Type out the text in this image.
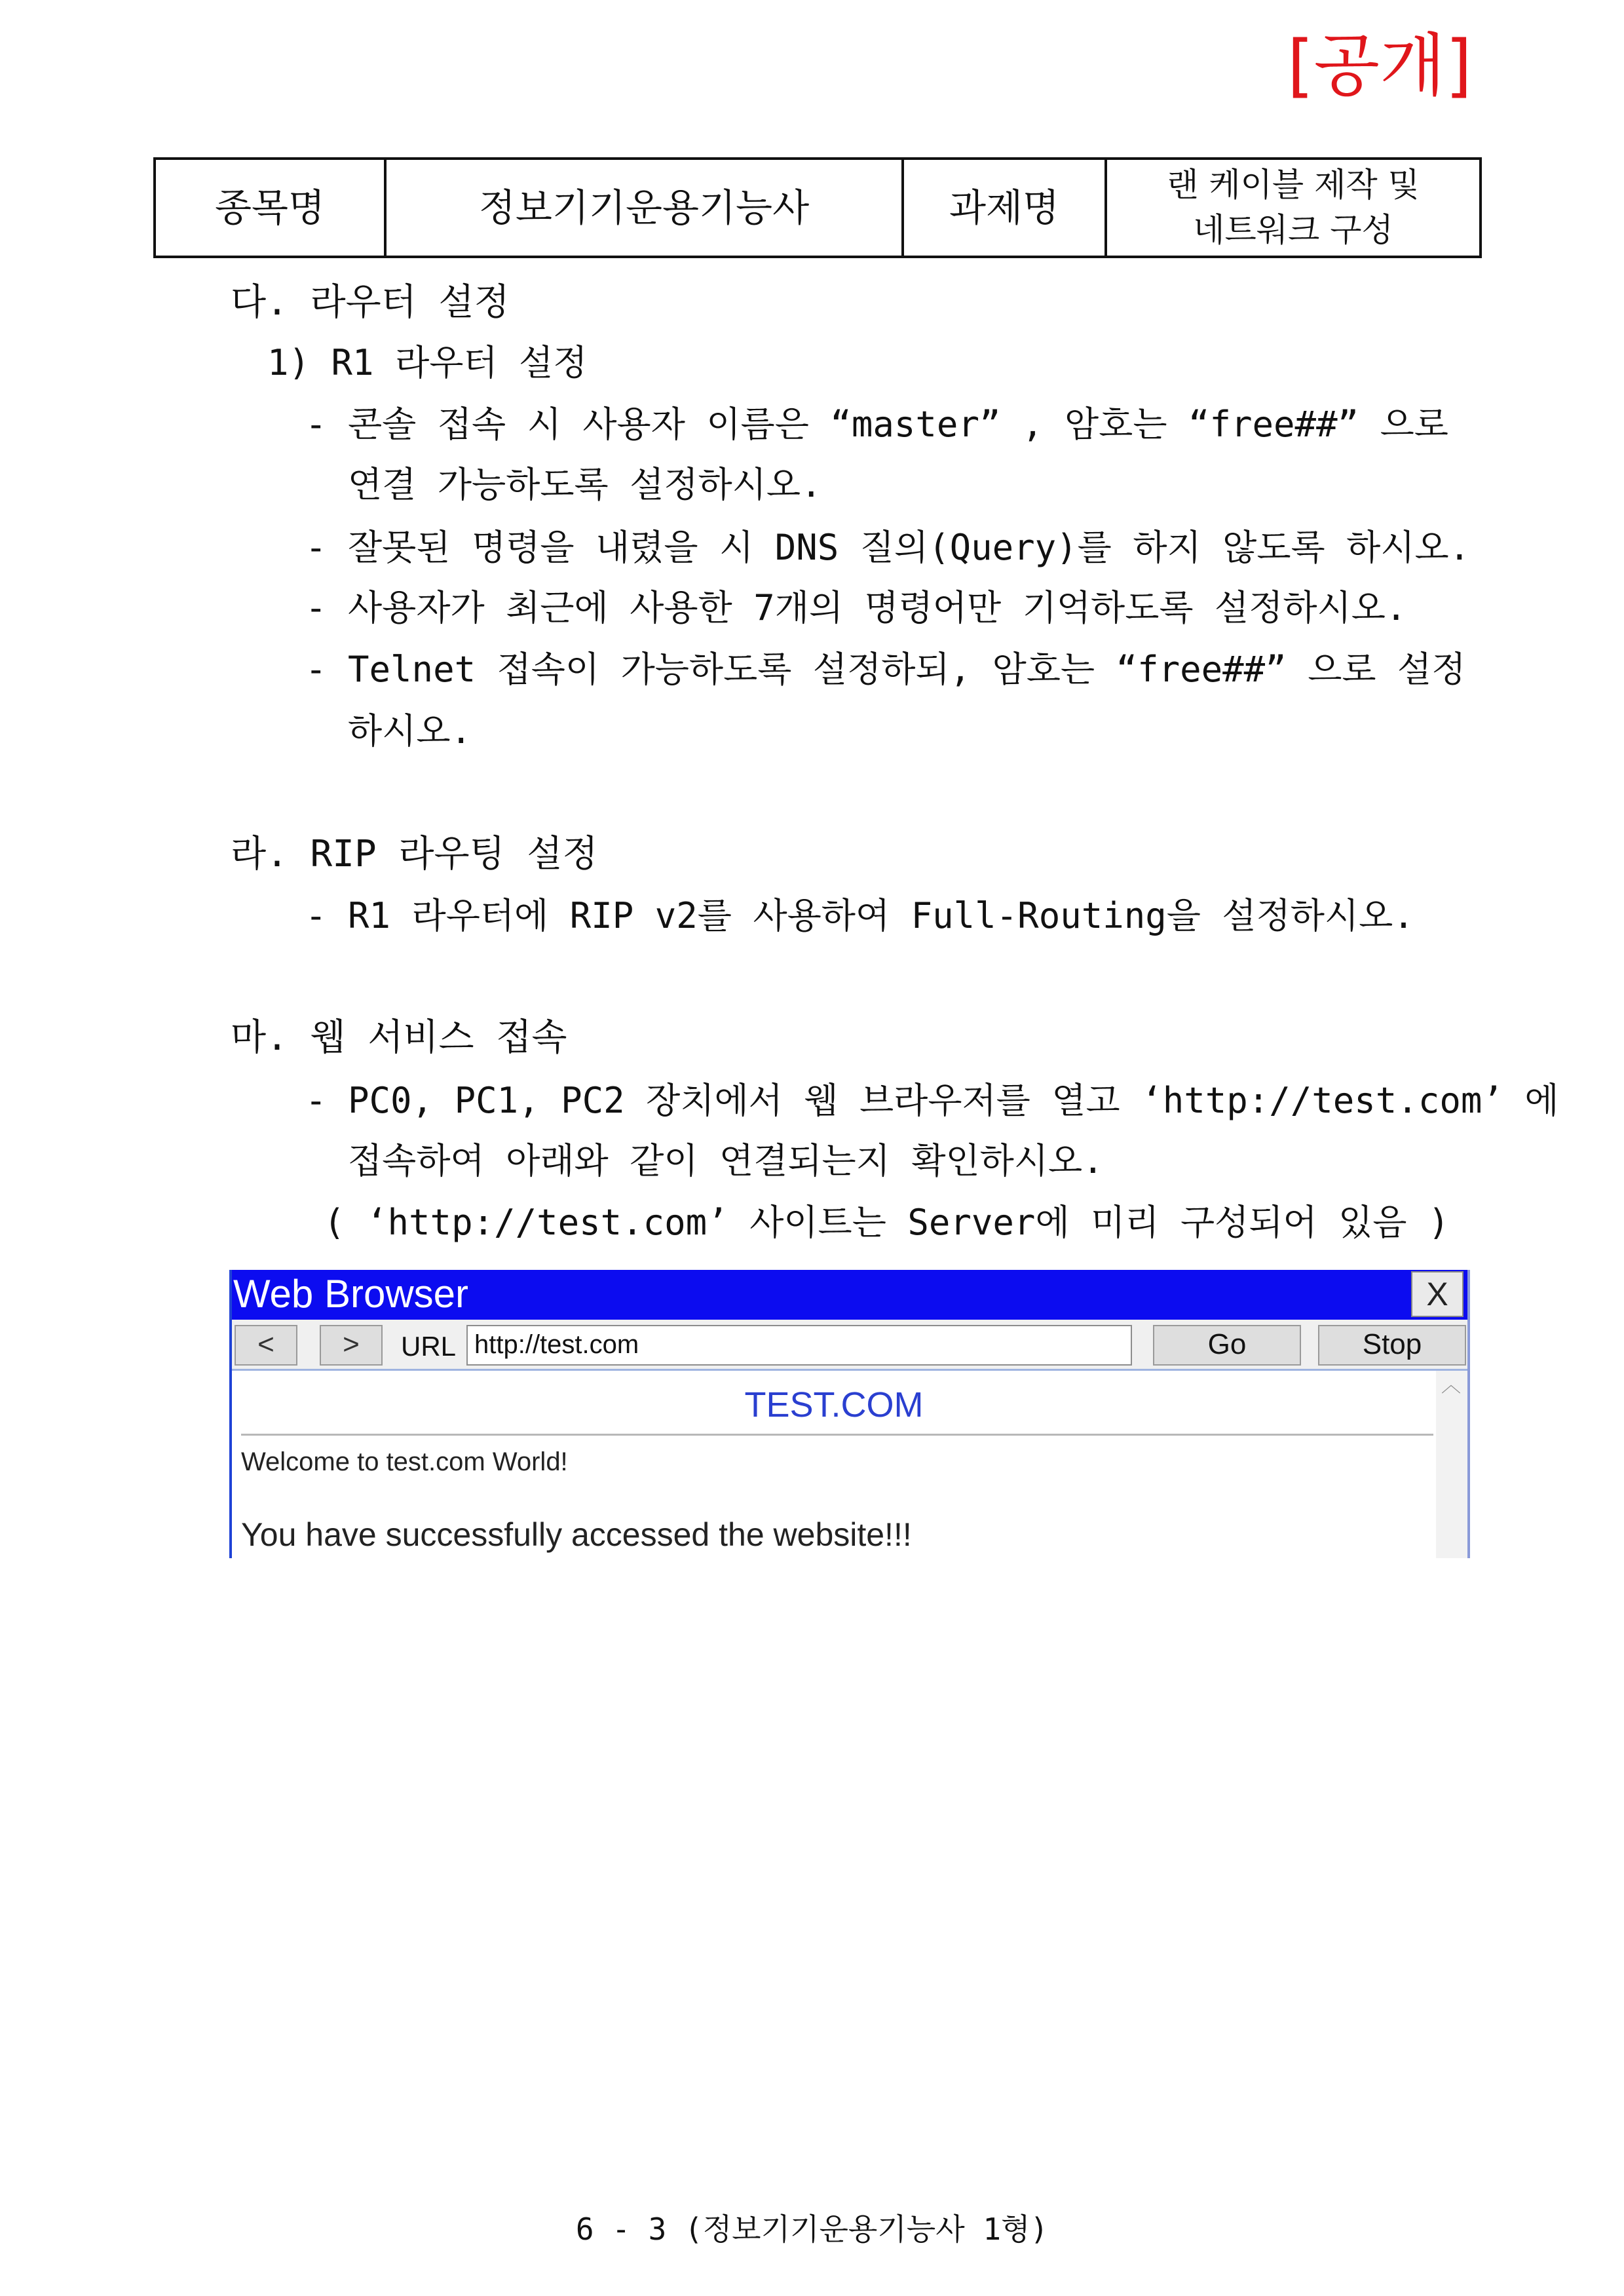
[공개]
종목명	정보기기운용기능사	과제명	랜 케이블 제작 및
네트워크 구성
다. 라우터 설정
1) R1 라우터 설정
- 콘솔 접속 시 사용자 이름은 “master” , 암호는 “free##” 으로
연결 가능하도록 설정하시오.
- 잘못된 명령을 내렸을 시 DNS 질의(Query)를 하지 않도록 하시오.
- 사용자가 최근에 사용한 7개의 명령어만 기억하도록 설정하시오.
- Telnet 접속이 가능하도록 설정하되, 암호는 “free##” 으로 설정
하시오.
라. RIP 라우팅 설정
- R1 라우터에 RIP v2를 사용하여 Full-Routing을 설정하시오.
마. 웹 서비스 접속
- PC0, PC1, PC2 장치에서 웹 브라우저를 열고 ‘http://test.com’ 에
접속하여 아래와 같이 연결되는지 확인하시오.
( ‘http://test.com’ 사이트는 Server에 미리 구성되어 있음 )
Web Browser	X
<	>	URL http://test.com	Go	Stop
TEST.COM
Welcome to test.com World!
You have successfully accessed the website!!!
︿
6 - 3 (정보기기운용기능사 1형)
